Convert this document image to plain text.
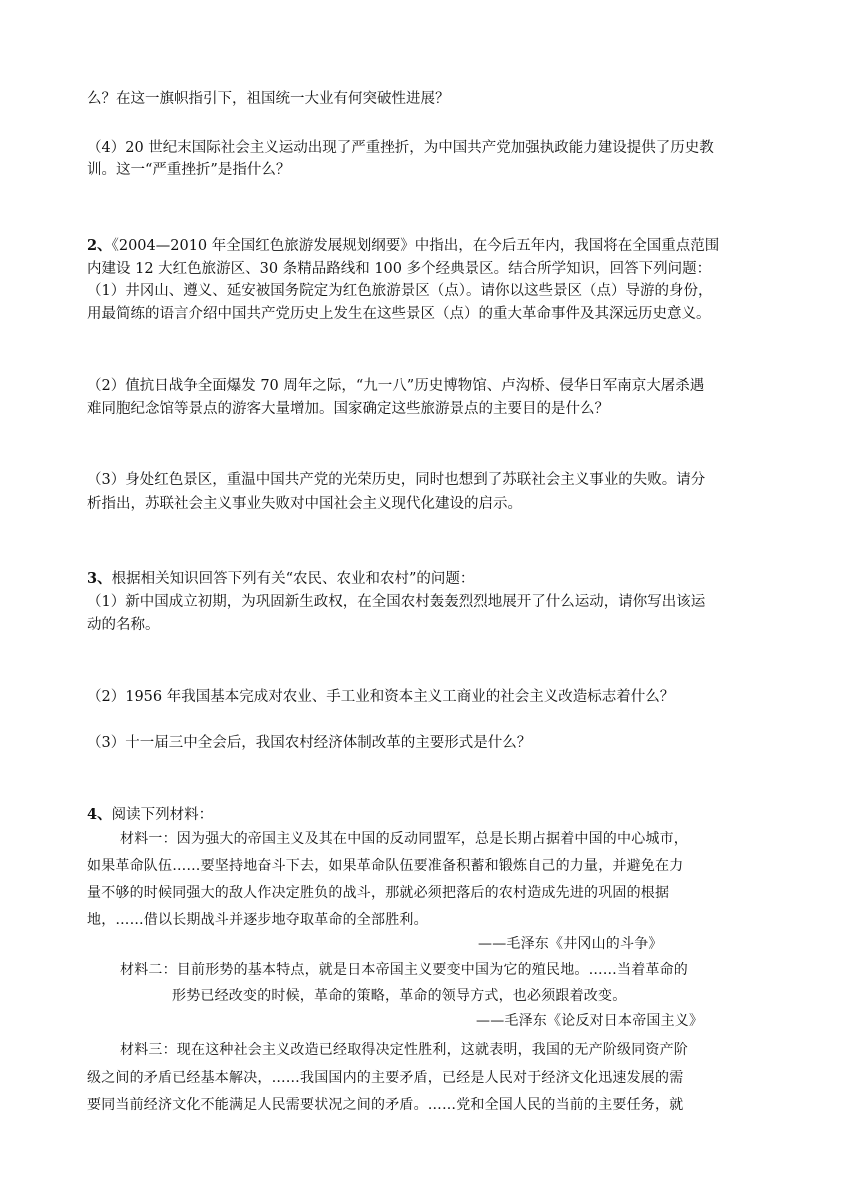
么？在这一旗帜指引下，祖国统一大业有何突破性进展？
（4）20 世纪末国际社会主义运动出现了严重挫折，为中国共产党加强执政能力建设提供了历史教
训。这一“严重挫折”是指什么？
2、《2004—2010 年全国红色旅游发展规划纲要》中指出，在今后五年内，我国将在全国重点范围
内建设 12 大红色旅游区、30 条精品路线和 100 多个经典景区。结合所学知识，回答下列问题：
（1）井冈山、遵义、延安被国务院定为红色旅游景区（点）。请你以这些景区（点）导游的身份，
用最简练的语言介绍中国共产党历史上发生在这些景区（点）的重大革命事件及其深远历史意义。
（2）值抗日战争全面爆发 70 周年之际，“九一八”历史博物馆、卢沟桥、侵华日军南京大屠杀遇
难同胞纪念馆等景点的游客大量增加。国家确定这些旅游景点的主要目的是什么？
（3）身处红色景区，重温中国共产党的光荣历史，同时也想到了苏联社会主义事业的失败。请分
析指出，苏联社会主义事业失败对中国社会主义现代化建设的启示。
3、根据相关知识回答下列有关“农民、农业和农村”的问题：
（1）新中国成立初期，为巩固新生政权，在全国农村轰轰烈烈地展开了什么运动，请你写出该运
动的名称。
（2）1956 年我国基本完成对农业、手工业和资本主义工商业的社会主义改造标志着什么？
（3）十一届三中全会后，我国农村经济体制改革的主要形式是什么？
4、阅读下列材料：
材料一：因为强大的帝国主义及其在中国的反动同盟军，总是长期占据着中国的中心城市，
如果革命队伍……要坚持地奋斗下去，如果革命队伍要准备积蓄和锻炼自己的力量，并避免在力
量不够的时候同强大的敌人作决定胜负的战斗，那就必须把落后的农村造成先进的巩固的根据
地，……借以长期战斗并逐步地夺取革命的全部胜利。
——毛泽东《井冈山的斗争》
材料二：目前形势的基本特点，就是日本帝国主义要变中国为它的殖民地。……当着革命的
形势已经改变的时候，革命的策略，革命的领导方式，也必须跟着改变。
——毛泽东《论反对日本帝国主义》
材料三：现在这种社会主义改造已经取得决定性胜利，这就表明，我国的无产阶级同资产阶
级之间的矛盾已经基本解决，……我国国内的主要矛盾，已经是人民对于经济文化迅速发展的需
要同当前经济文化不能满足人民需要状况之间的矛盾。……党和全国人民的当前的主要任务，就
